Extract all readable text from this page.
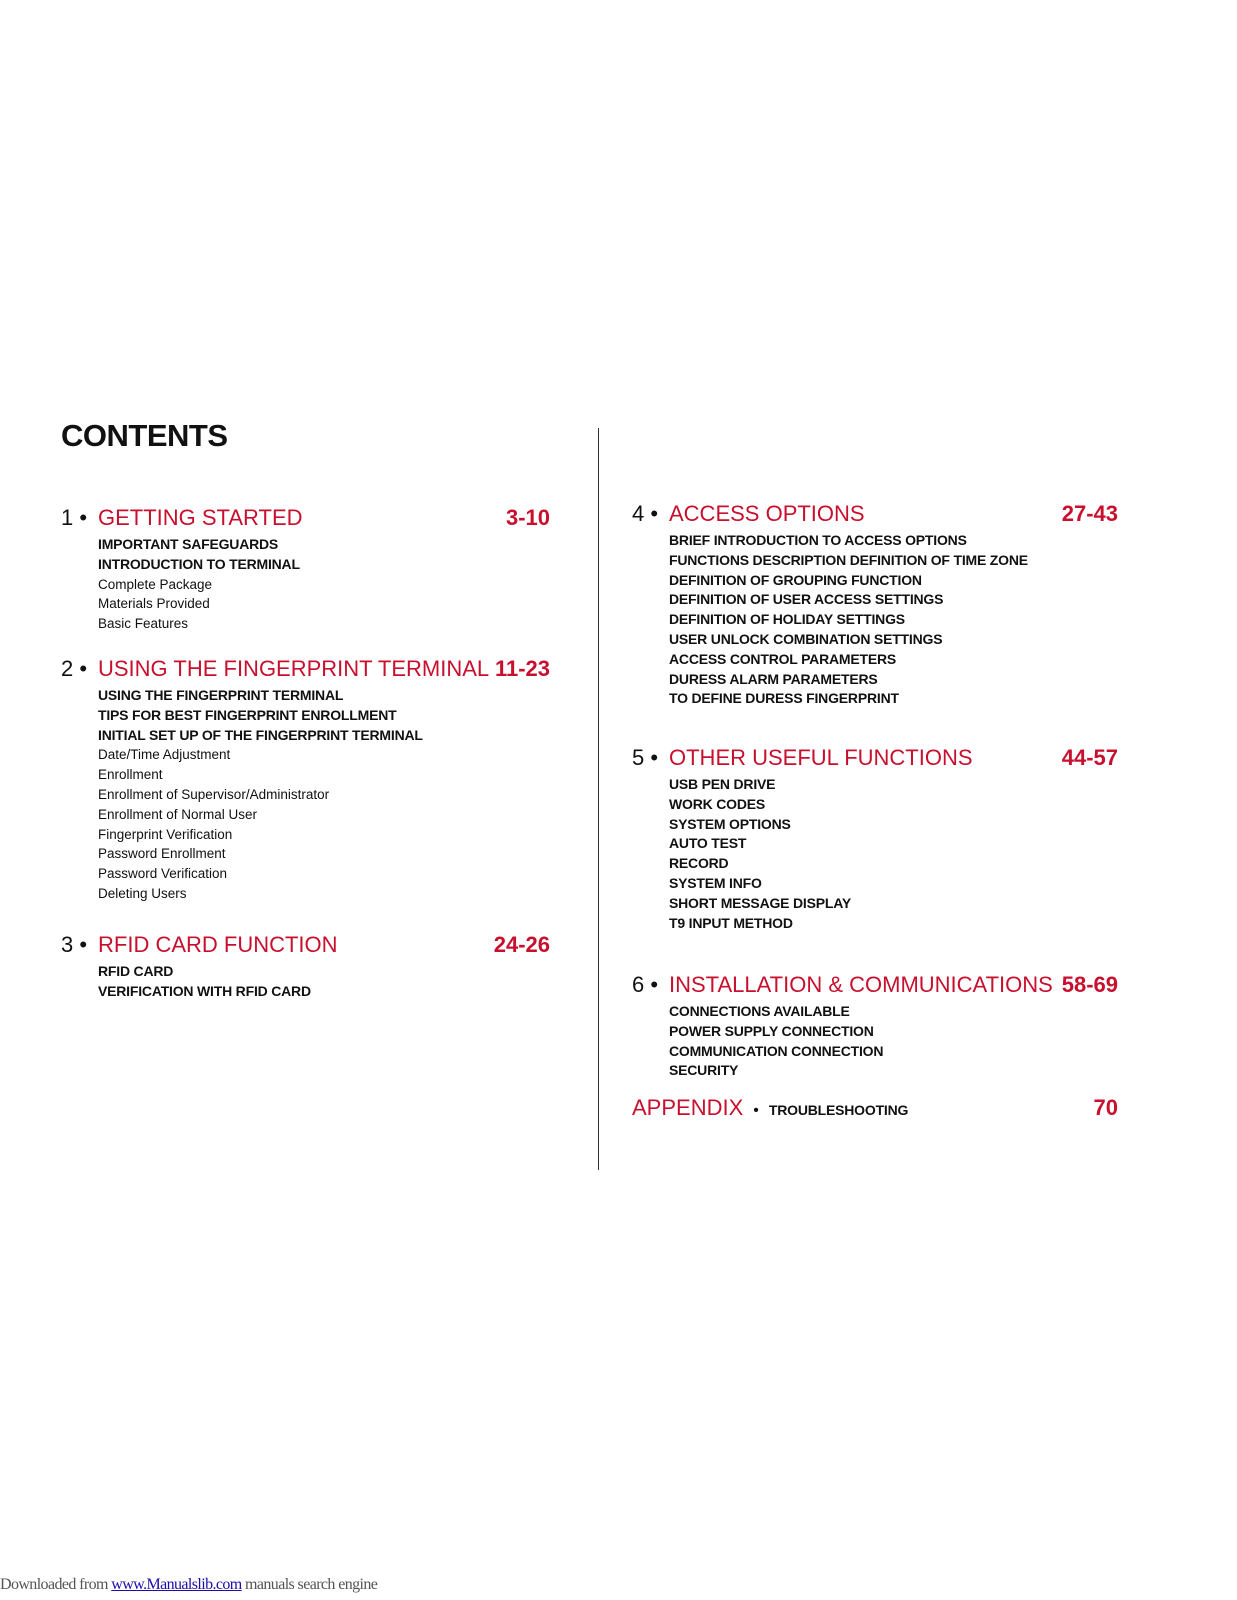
CONTENTS
1 • GETTING STARTED	3-10
IMPORTANT SAFEGUARDS
INTRODUCTION TO TERMINAL
Complete Package
Materials Provided
Basic Features
2 • USING THE FINGERPRINT TERMINAL 11-23
USING THE FINGERPRINT TERMINAL
TIPS FOR BEST FINGERPRINT ENROLLMENT
INITIAL SET UP OF THE FINGERPRINT TERMINAL
Date/Time Adjustment
Enrollment
Enrollment of Supervisor/Administrator
Enrollment of Normal User
Fingerprint Verification
Password Enrollment
Password Verification
Deleting Users
3 • RFID CARD FUNCTION	24-26
RFID CARD
VERIFICATION WITH RFID CARD
4 • ACCESS OPTIONS	27-43
BRIEF INTRODUCTION TO ACCESS OPTIONS
FUNCTIONS DESCRIPTION DEFINITION OF TIME ZONE
DEFINITION OF GROUPING FUNCTION
DEFINITION OF USER ACCESS SETTINGS
DEFINITION OF HOLIDAY SETTINGS
USER UNLOCK COMBINATION SETTINGS
ACCESS CONTROL PARAMETERS
DURESS ALARM PARAMETERS
TO DEFINE DURESS FINGERPRINT
5 • OTHER USEFUL FUNCTIONS	44-57
USB PEN DRIVE
WORK CODES
SYSTEM OPTIONS
AUTO TEST
RECORD
SYSTEM INFO
SHORT MESSAGE DISPLAY
T9 INPUT METHOD
6 • INSTALLATION & COMMUNICATIONS 58-69
CONNECTIONS AVAILABLE
POWER SUPPLY CONNECTION
COMMUNICATION CONNECTION
SECURITY
APPENDIX • TROUBLESHOOTING	70
Downloaded from www.Manualslib.com manuals search engine
